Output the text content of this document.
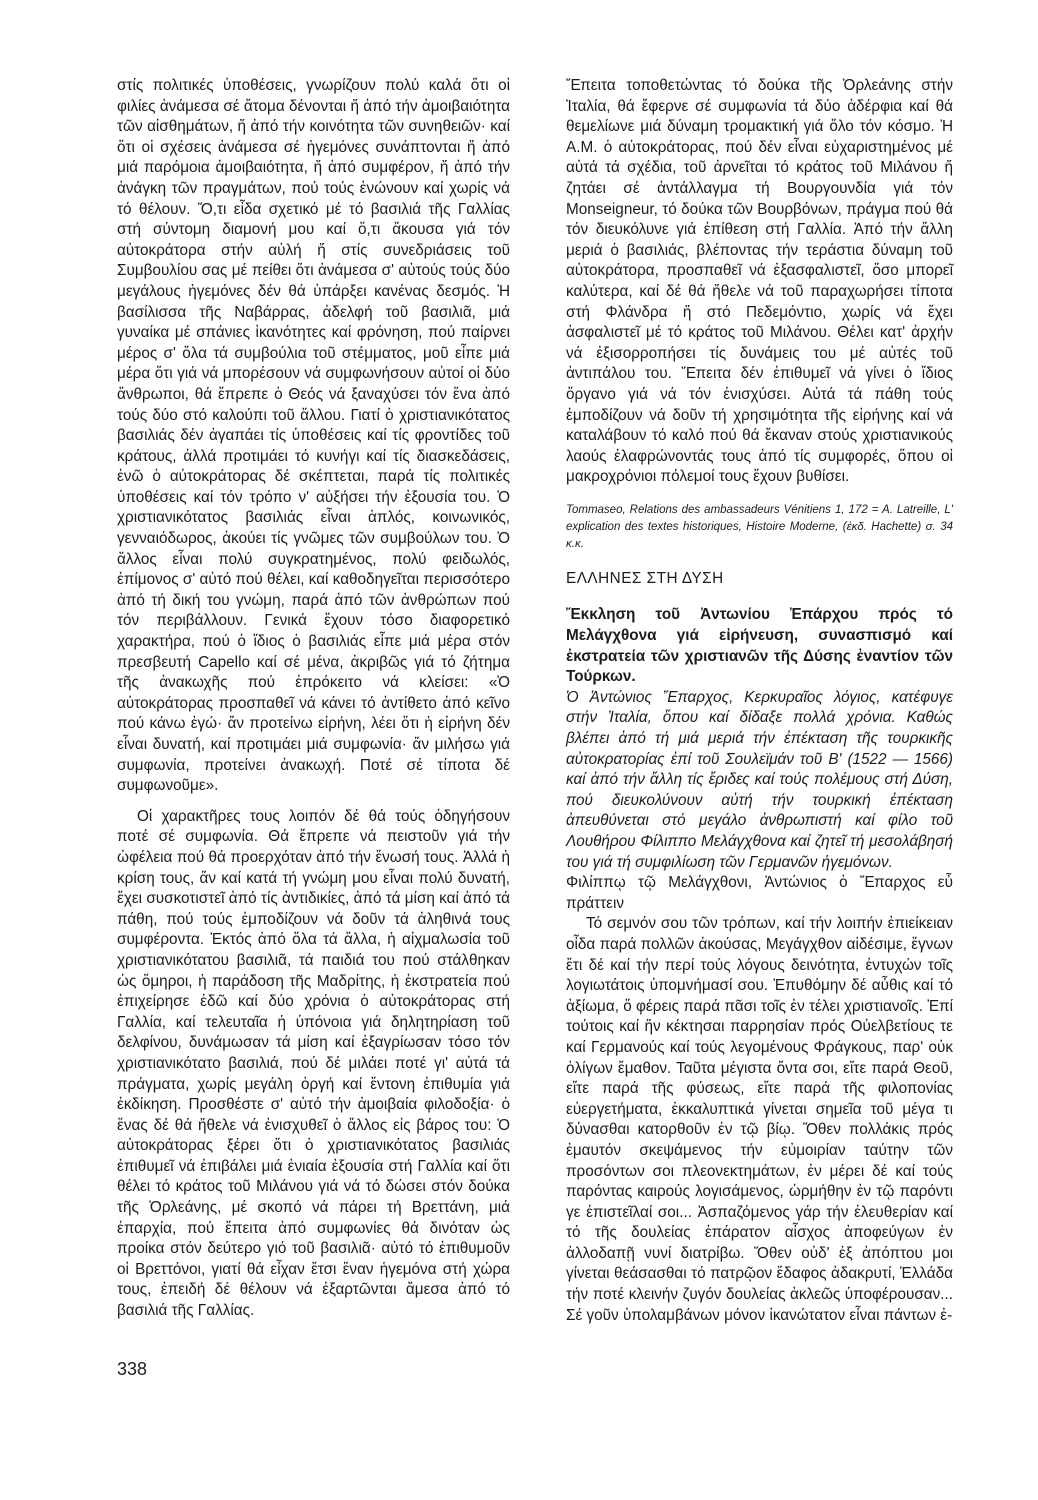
στίς πολιτικές ὑποθέσεις, γνωρίζουν πολύ καλά ὅτι οἱ φιλίες ἀνάμεσα σέ ἄτομα δένονται ἤ ἀπό τήν ἀμοιβαιότητα τῶν αἰσθημάτων, ἤ ἀπό τήν κοινότητα τῶν συνηθειῶν· καί ὅτι οἱ σχέσεις ἀνάμεσα σέ ἡγεμόνες συνάπτονται ἤ ἀπό μιά παρόμοια ἀμοιβαιότητα, ἤ ἀπό συμφέρον, ἤ ἀπό τήν ἀνάγκη τῶν πραγμάτων, πού τούς ἑνώνουν καί χωρίς νά τό θέλουν. Ὅ,τι εἶδα σχετικό μέ τό βασιλιά τῆς Γαλλίας στή σύντομη διαμονή μου καί ὅ,τι ἄκουσα γιά τόν αὐτοκράτορα στήν αὐλή ἤ στίς συνεδριάσεις τοῦ Συμβουλίου σας μέ πείθει ὅτι ἀνάμεσα σ' αὐτούς τούς δύο μεγάλους ἡγεμόνες δέν θά ὑπάρξει κανένας δεσμός. Ἡ βασίλισσα τῆς Ναβάρρας, ἀδελφή τοῦ βασιλιᾶ, μιά γυναίκα μέ σπάνιες ἱκανότητες καί φρόνηση, πού παίρνει μέρος σ' ὅλα τά συμβούλια τοῦ στέμματος, μοῦ εἶπε μιά μέρα ὅτι γιά νά μπορέσουν νά συμφωνήσουν αὐτοί οἱ δύο ἄνθρωποι, θά ἔπρεπε ὁ Θεός νά ξαναχύσει τόν ἕνα ἀπό τούς δύο στό καλούπι τοῦ ἄλλου. Γιατί ὁ χριστιανικότατος βασιλιάς δέν ἀγαπάει τίς ὑποθέσεις καί τίς φροντίδες τοῦ κράτους, ἀλλά προτιμάει τό κυνήγι καί τίς διασκεδάσεις, ἐνῶ ὁ αὐτοκράτορας δέ σκέπτεται, παρά τίς πολιτικές ὑποθέσεις καί τόν τρόπο ν' αὐξήσει τήν ἐξουσία του. Ὁ χριστιανικότατος βασιλιάς εἶναι ἁπλός, κοινωνικός, γενναιόδωρος, ἀκούει τίς γνῶμες τῶν συμβούλων του. Ὁ ἄλλος εἶναι πολύ συγκρατημένος, πολύ φειδωλός, ἐπίμονος σ' αὐτό πού θέλει, καί καθοδηγεῖται περισσότερο ἀπό τή δική του γνώμη, παρά ἀπό τῶν ἀνθρώπων πού τόν περιβάλλουν. Γενικά ἔχουν τόσο διαφορετικό χαρακτήρα, πού ὁ ἴδιος ὁ βασιλιάς εἶπε μιά μέρα στόν πρεσβευτή Capello καί σέ μένα, ἀκριβῶς γιά τό ζήτημα τῆς ἀνακωχῆς πού ἐπρόκειτο νά κλείσει: «Ὁ αὐτοκράτορας προσπαθεῖ νά κάνει τό ἀντίθετο ἀπό κεῖνο πού κάνω ἐγώ· ἄν προτείνω εἰρήνη, λέει ὅτι ἡ εἰρήνη δέν εἶναι δυνατή, καί προτιμάει μιά συμφωνία· ἄν μιλήσω γιά συμφωνία, προτείνει ἀνακωχή. Ποτέ σέ τίποτα δέ συμφωνοῦμε».

Οἱ χαρακτῆρες τους λοιπόν δέ θά τούς ὁδηγήσουν ποτέ σέ συμφωνία. Θά ἔπρεπε νά πειστοῦν γιά τήν ὠφέλεια πού θά προερχόταν ἀπό τήν ἕνωσή τους. Ἀλλά ἡ κρίση τους, ἄν καί κατά τή γνώμη μου εἶναι πολύ δυνατή, ἔχει συσκοτιστεῖ ἀπό τίς ἀντιδικίες, ἀπό τά μίση καί ἀπό τά πάθη, πού τούς ἐμποδίζουν νά δοῦν τά ἀληθινά τους συμφέροντα. Ἐκτός ἀπό ὅλα τά ἄλλα, ἡ αἰχμαλωσία τοῦ χριστιανικότατου βασιλιᾶ, τά παιδιά του πού στάλθηκαν ὡς ὅμηροι, ἡ παράδοση τῆς Μαδρίτης, ἡ ἐκστρατεία πού ἐπιχείρησε ἐδῶ καί δύο χρόνια ὁ αὐτοκράτορας στή Γαλλία, καί τελευταῖα ἡ ὑπόνοια γιά δηλητηρίαση τοῦ δελφίνου, δυνάμωσαν τά μίση καί ἐξαγρίωσαν τόσο τόν χριστιανικότατο βασιλιά, πού δέ μιλάει ποτέ γι' αὐτά τά πράγματα, χωρίς μεγάλη ὀργή καί ἔντονη ἐπιθυμία γιά ἐκδίκηση. Προσθέστε σ' αὐτό τήν ἀμοιβαία φιλοδοξία· ὁ ἕνας δέ θά ἤθελε νά ἐνισχυθεῖ ὁ ἄλλος εἰς βάρος του: Ὁ αὐτοκράτορας ξέρει ὅτι ὁ χριστιανικότατος βασιλιάς ἐπιθυμεῖ νά ἐπιβάλει μιά ἐνιαία ἐξουσία στή Γαλλία καί ὅτι θέλει τό κράτος τοῦ Μιλάνου γιά νά τό δώσει στόν δούκα τῆς Ὀρλεάνης, μέ σκοπό νά πάρει τή Βρεττάνη, μιά ἐπαρχία, πού ἔπειτα ἀπό συμφωνίες θά δινόταν ὡς προίκα στόν δεύτερο γιό τοῦ βασιλιᾶ· αὐτό τό ἐπιθυμοῦν οἱ Βρεττόνοι, γιατί θά εἶχαν ἔτσι ἕναν ἡγεμόνα στή χώρα τους, ἐπειδή δέ θέλουν νά ἐξαρτῶνται ἄμεσα ἀπό τό βασιλιά τῆς Γαλλίας.

338

Ἔπειτα τοποθετώντας τό δούκα τῆς Ὀρλεάνης στήν Ἰταλία, θά ἔφερνε σέ συμφωνία τά δύο ἀδέρφια καί θά θεμελίωνε μιά δύναμη τρομακτική γιά ὅλο τόν κόσμο. Ἡ Α.Μ. ὁ αὐτοκράτορας, πού δέν εἶναι εὐχαριστημένος μέ αὐτά τά σχέδια, τοῦ ἀρνεῖται τό κράτος τοῦ Μιλάνου ἤ ζητάει σέ ἀντάλλαγμα τή Βουργουνδία γιά τόν Monseigneur, τό δούκα τῶν Βουρβόνων, πράγμα πού θά τόν διευκόλυνε γιά ἐπίθεση στή Γαλλία. Ἀπό τήν ἄλλη μεριά ὁ βασιλιάς, βλέποντας τήν τεράστια δύναμη τοῦ αὐτοκράτορα, προσπαθεῖ νά ἐξασφαλιστεῖ, ὅσο μπορεῖ καλύτερα, καί δέ θά ἤθελε νά τοῦ παραχωρήσει τίποτα στή Φλάνδρα ἤ στό Πεδεμόντιο, χωρίς νά ἔχει ἀσφαλιστεῖ μέ τό κράτος τοῦ Μιλάνου. Θέλει κατ' ἀρχήν νά ἐξισορροπήσει τίς δυνάμεις του μέ αὐτές τοῦ ἀντιπάλου του. Ἔπειτα δέν ἐπιθυμεῖ νά γίνει ὁ ἴδιος ὄργανο γιά νά τόν ἐνισχύσει. Αὐτά τά πάθη τούς ἐμποδίζουν νά δοῦν τή χρησιμότητα τῆς εἰρήνης καί νά καταλάβουν τό καλό πού θά ἔκαναν στούς χριστιανικούς λαούς ἐλαφρώνοντάς τους ἀπό τίς συμφορές, ὅπου οἱ μακροχρόνιοι πόλεμοί τους ἔχουν βυθίσει.

Tommaseo, Relations des ambassadeurs Vénitiens 1, 172 = A. Latreille, L' explication des textes historiques, Histoire Moderne, (ἐκδ. Hachette) σ. 34 κ.κ.

ΕΛΛΗΝΕΣ ΣΤΗ ΔΥΣΗ

Ἔκκληση τοῦ Ἀντωνίου Ἐπάρχου πρός τό Μελάγχθονα γιά εἰρήνευση, συνασπισμό καί ἐκστρατεία τῶν χριστιανῶν τῆς Δύσης ἐναντίον τῶν Τούρκων.

Ὁ Ἀντώνιος Ἔπαρχος, Κερκυραῖος λόγιος, κατέφυγε στήν Ἰταλία, ὅπου καί δίδαξε πολλά χρόνια. Καθώς βλέπει ἀπό τή μιά μεριά τήν ἐπέκταση τῆς τουρκικῆς αὐτοκρατορίας ἐπί τοῦ Σουλεϊμάν τοῦ Β' (1522 — 1566) καί ἀπό τήν ἄλλη τίς ἔριδες καί τούς πολέμους στή Δύση, πού διευκολύνουν αὐτή τήν τουρκική ἐπέκταση ἀπευθύνεται στό μεγάλο ἀνθρωπιστή καί φίλο τοῦ Λουθήρου Φίλιππο Μελάγχθονα καί ζητεῖ τή μεσολάβησή του γιά τή συμφιλίωση τῶν Γερμανῶν ἡγεμόνων.

Φιλίππῳ τῷ Μελάγχθονι, Ἀντώνιος ὁ Ἔπαρχος εὖ πράττειν

Τό σεμνόν σου τῶν τρόπων, καί τήν λοιπήν ἐπιείκειαν οἶδα παρά πολλῶν ἀκούσας, Μεγάγχθον αἰδέσιμε, ἔγνων ἔτι δέ καί τήν περί τούς λόγους δεινότητα, ἐντυχών τοῖς λογιωτάτοις ὑπομνήμασί σου. Ἐπυθόμην δέ αὖθις καί τό ἀξίωμα, ὅ φέρεις παρά πᾶσι τοῖς ἐν τέλει χριστιανοῖς. Ἐπί τούτοις καί ἥν κέκτησαι παρρησίαν πρός Οὐελβετίους τε καί Γερμανούς καί τούς λεγομένους Φράγκους, παρ' οὐκ ὀλίγων ἔμαθον. Ταῦτα μέγιστα ὄντα σοι, εἴτε παρά Θεοῦ, εἴτε παρά τῆς φύσεως, εἴτε παρά τῆς φιλοπονίας εὐεργετήματα, ἐκκαλυπτικά γίνεται σημεῖα τοῦ μέγα τι δύνασθαι κατορθοῦν ἐν τῷ βίῳ. Ὅθεν πολλάκις πρός ἐμαυτόν σκεψάμενος τήν εὐμοιρίαν ταύτην τῶν προσόντων σοι πλεονεκτημάτων, ἐν μέρει δέ καί τούς παρόντας καιρούς λογισάμενος, ὡρμήθην ἐν τῷ παρόντι γε ἐπιστεῖλαί σοι... Ἀσπαζόμενος γάρ τήν ἐλευθερίαν καί τό τῆς δουλείας ἐπάρατον αἶσχος ἀποφεύγων ἐν ἀλλοδαπῇ νυνί διατρίβω. Ὅθεν οὐδ' ἐξ ἀπόπτου μοι γίνεται θεάσασθαι τό πατρῷον ἔδαφος ἀδακρυτί, Ἑλλάδα τήν ποτέ κλεινήν ζυγόν δουλείας ἀκλεῶς ὑποφέρουσαν... Σέ γοῦν ὑπολαμβάνων μόνον ἱκανώτατον εἶναι πάντων ἐ-
